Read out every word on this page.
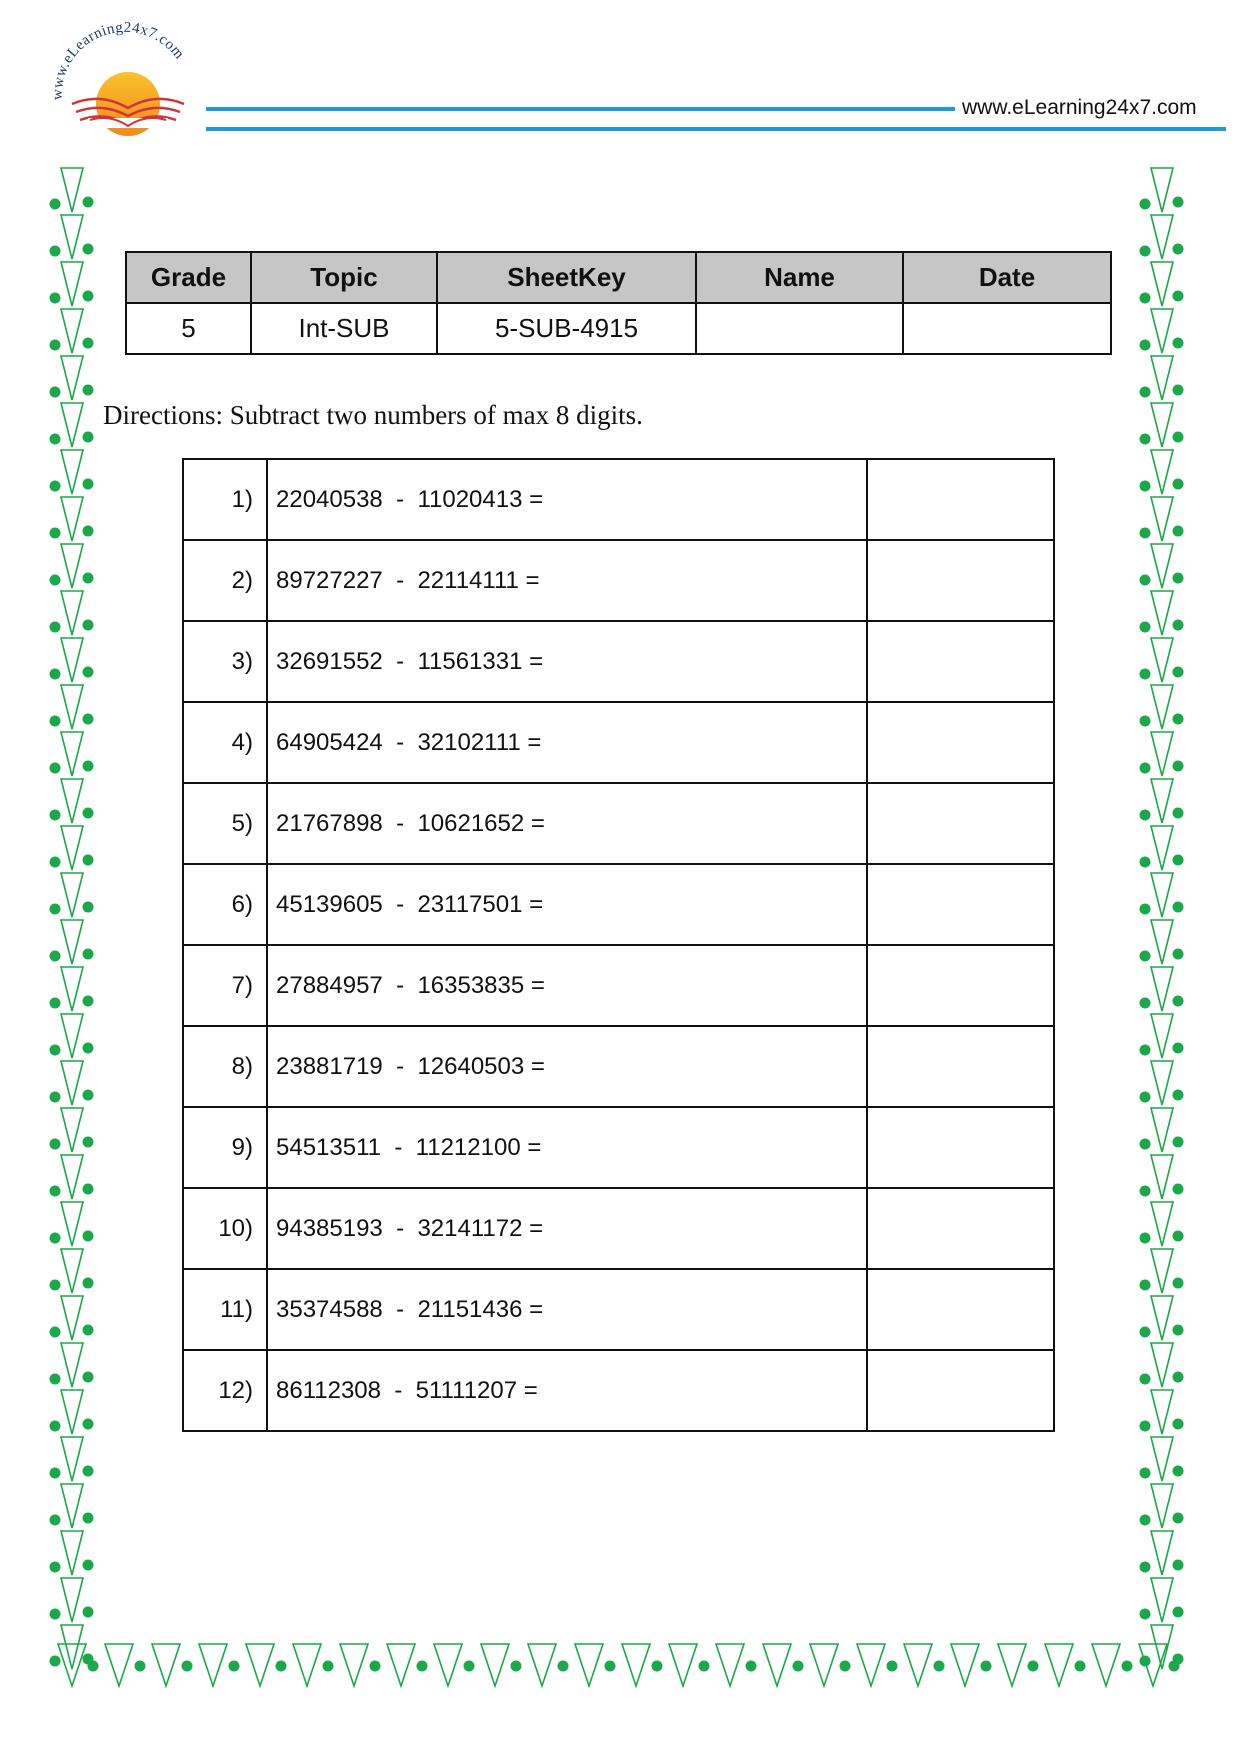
www.eLearning24x7.com
www.eLearning24x7.com
Grade	Topic	SheetKey	Name	Date
5	Int-SUB	5-SUB-4915		
Directions: Subtract two numbers of max 8 digits.
1)	22040538  -  11020413 =	
2)	89727227  -  22114111 =	
3)	32691552  -  11561331 =	
4)	64905424  -  32102111 =	
5)	21767898  -  10621652 =	
6)	45139605  -  23117501 =	
7)	27884957  -  16353835 =	
8)	23881719  -  12640503 =	
9)	54513511  -  11212100 =	
10)	94385193  -  32141172 =	
11)	35374588  -  21151436 =	
12)	86112308  -  51111207 =	
